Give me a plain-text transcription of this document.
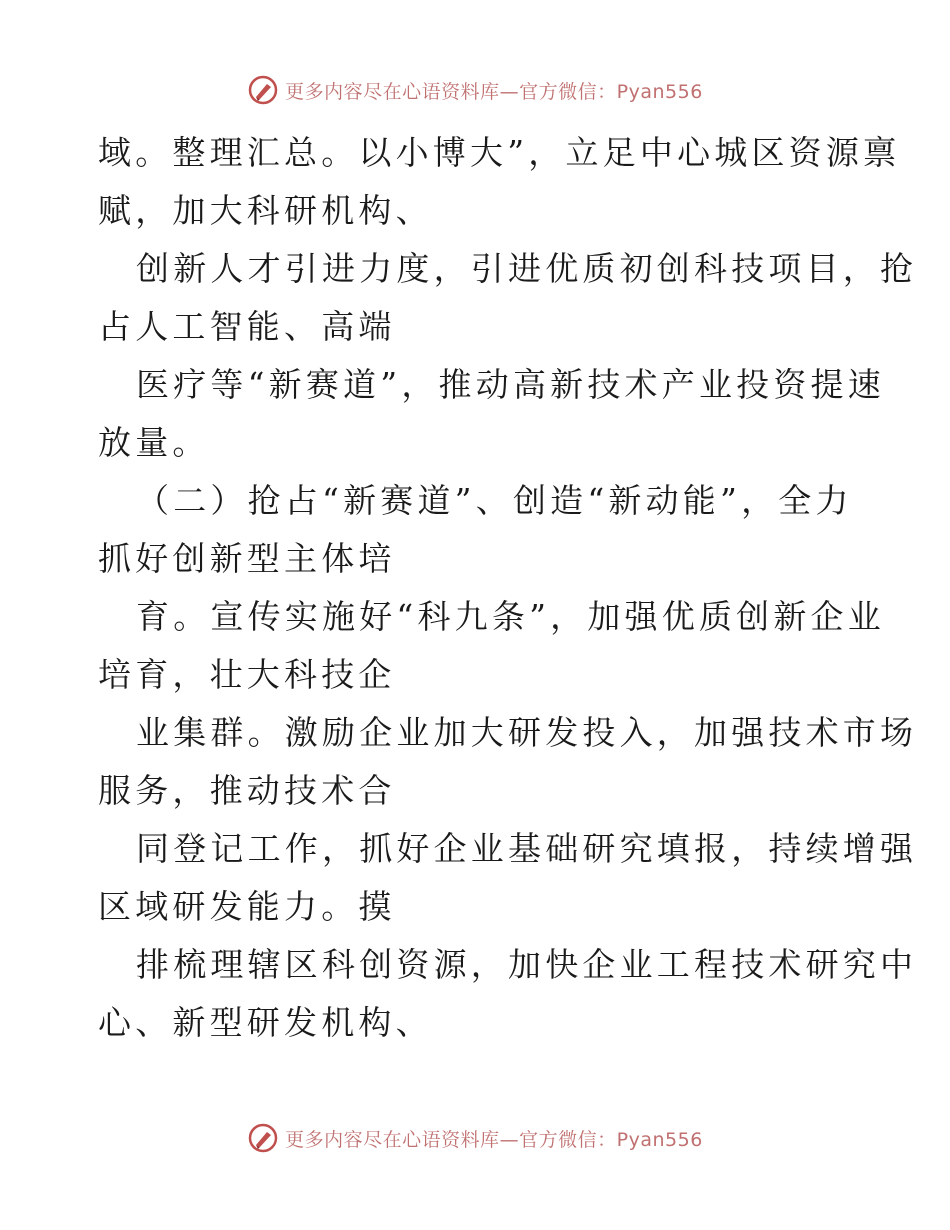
更多内容尽在心语资料库—官方微信：Pyan556
域。整理汇总。以小博大”，立足中心城区资源禀
赋，加大科研机构、
创新人才引进力度，引进优质初创科技项目，抢
占人工智能、高端
医疗等“新赛道”，推动高新技术产业投资提速
放量。
（二）抢占“新赛道”、创造“新动能”，全力
抓好创新型主体培
育。宣传实施好“科九条”，加强优质创新企业
培育，壮大科技企
业集群。激励企业加大研发投入，加强技术市场
服务，推动技术合
同登记工作，抓好企业基础研究填报，持续增强
区域研发能力。摸
排梳理辖区科创资源，加快企业工程技术研究中
心、新型研发机构、
更多内容尽在心语资料库—官方微信：Pyan556
